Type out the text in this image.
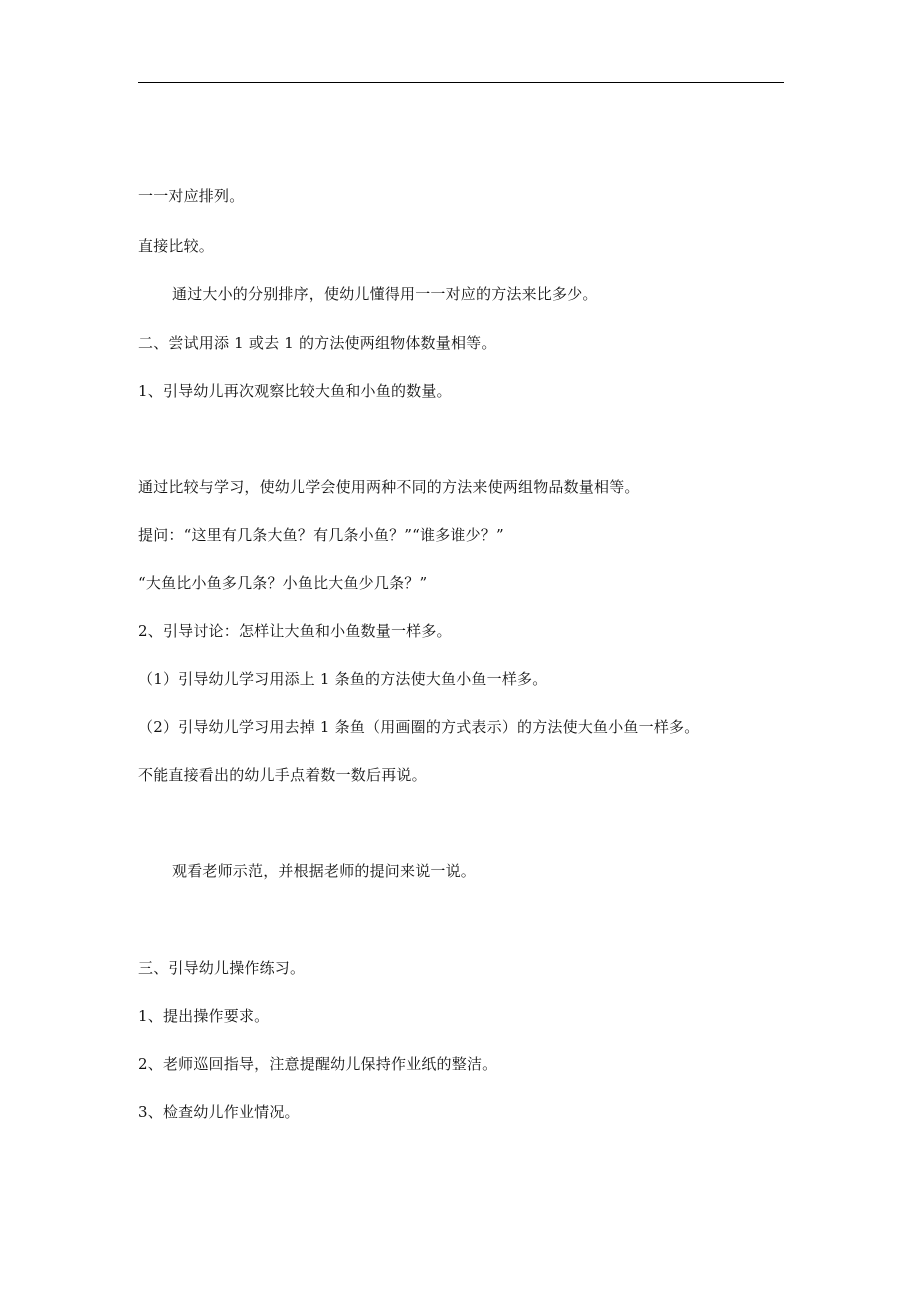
一一对应排列。
直接比较。
通过大小的分别排序，使幼儿懂得用一一对应的方法来比多少。
二、尝试用添 1 或去 1 的方法使两组物体数量相等。
1、引导幼儿再次观察比较大鱼和小鱼的数量。
通过比较与学习，使幼儿学会使用两种不同的方法来使两组物品数量相等。
提问：“这里有几条大鱼？有几条小鱼？”“谁多谁少？”
“大鱼比小鱼多几条？小鱼比大鱼少几条？”
2、引导讨论：怎样让大鱼和小鱼数量一样多。
（1）引导幼儿学习用添上 1 条鱼的方法使大鱼小鱼一样多。
（2）引导幼儿学习用去掉 1 条鱼（用画圈的方式表示）的方法使大鱼小鱼一样多。
不能直接看出的幼儿手点着数一数后再说。
观看老师示范，并根据老师的提问来说一说。
三、引导幼儿操作练习。
1、提出操作要求。
2、老师巡回指导，注意提醒幼儿保持作业纸的整洁。
3、检查幼儿作业情况。
